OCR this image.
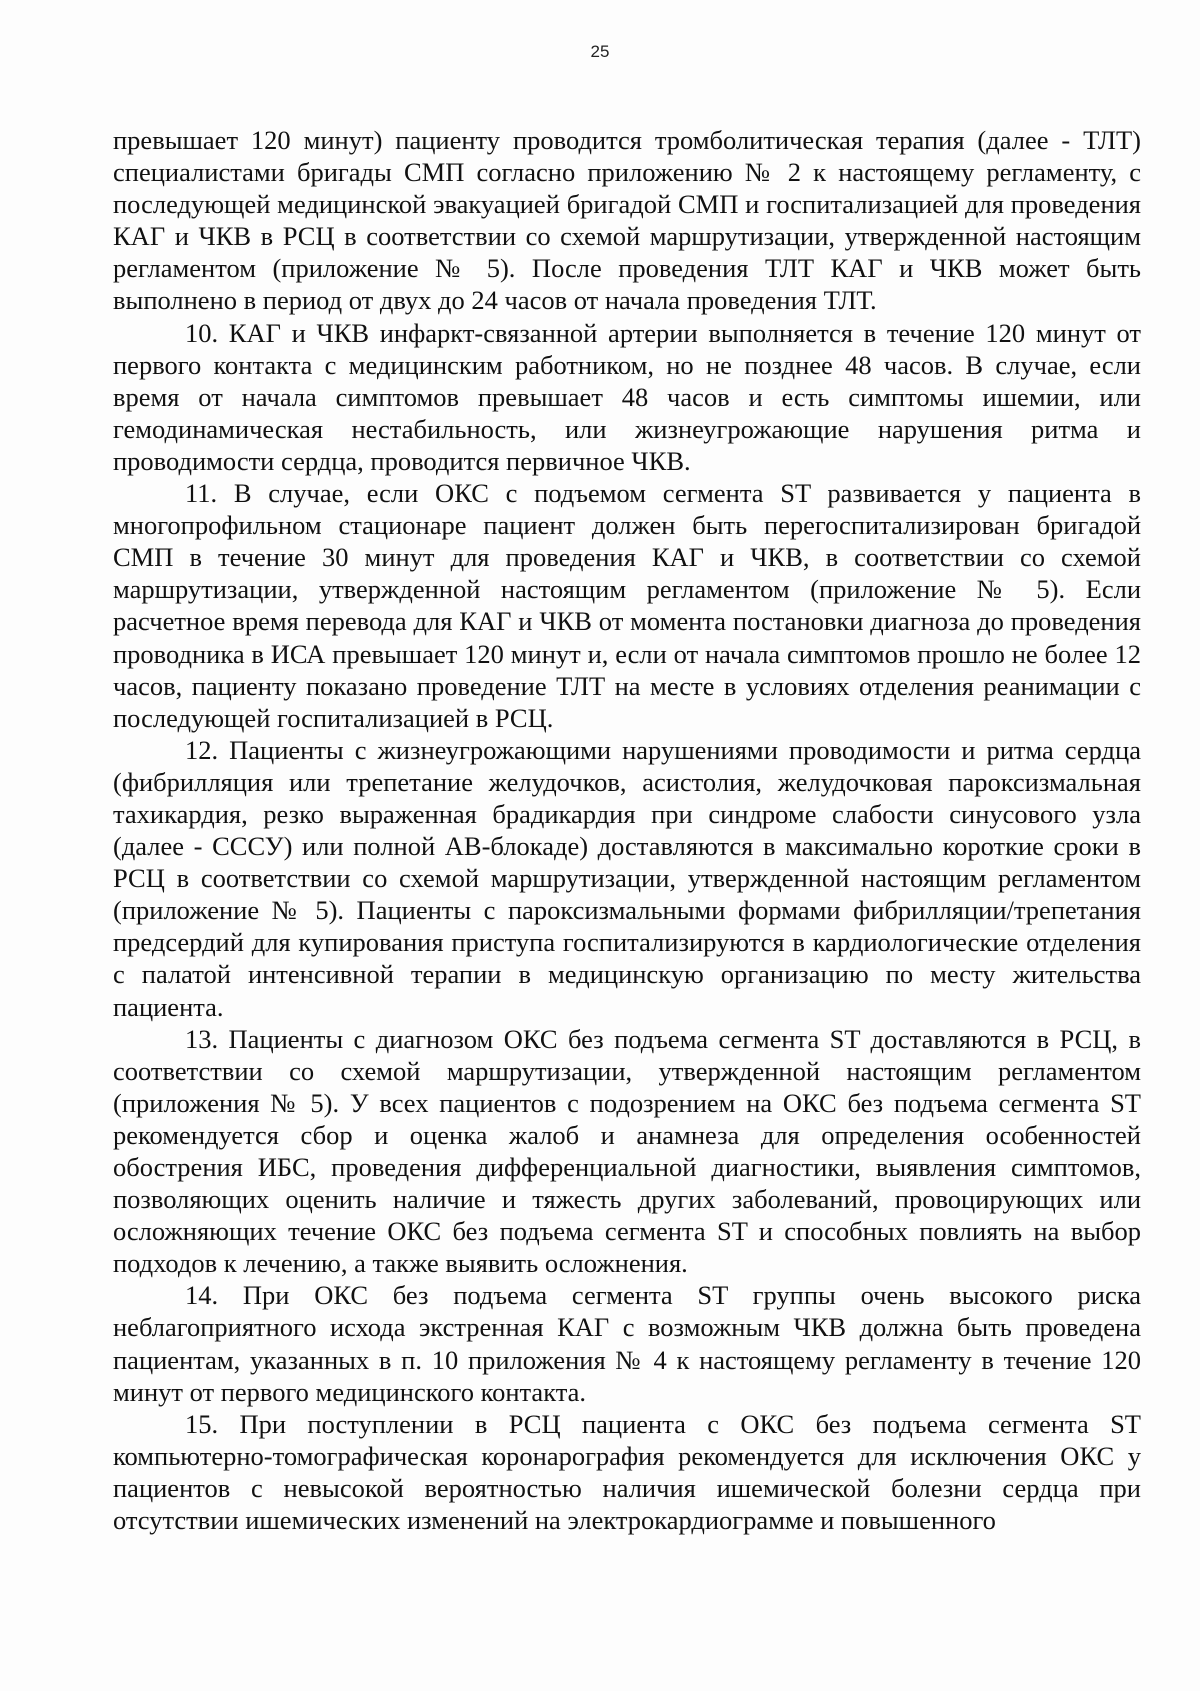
25

превышает 120 минут) пациенту проводится тромболитическая терапия (далее - ТЛТ) специалистами бригады СМП согласно приложению № 2 к настоящему регламенту, с последующей медицинской эвакуацией бригадой СМП и госпитализацией для проведения КАГ и ЧКВ в РСЦ в соответствии со схемой маршрутизации, утвержденной настоящим регламентом (приложение № 5). После проведения ТЛТ КАГ и ЧКВ может быть выполнено в период от двух до 24 часов от начала проведения ТЛТ.

10. КАГ и ЧКВ инфаркт-связанной артерии выполняется в течение 120 минут от первого контакта с медицинским работником, но не позднее 48 часов. В случае, если время от начала симптомов превышает 48 часов и есть симптомы ишемии, или гемодинамическая нестабильность, или жизнеугрожающие нарушения ритма и проводимости сердца, проводится первичное ЧКВ.

11. В случае, если ОКС с подъемом сегмента ST развивается у пациента в многопрофильном стационаре пациент должен быть перегоспитализирован бригадой СМП в течение 30 минут для проведения КАГ и ЧКВ, в соответствии со схемой маршрутизации, утвержденной настоящим регламентом (приложение № 5). Если расчетное время перевода для КАГ и ЧКВ от момента постановки диагноза до проведения проводника в ИСА превышает 120 минут и, если от начала симптомов прошло не более 12 часов, пациенту показано проведение ТЛТ на месте в условиях отделения реанимации с последующей госпитализацией в РСЦ.

12. Пациенты с жизнеугрожающими нарушениями проводимости и ритма сердца (фибрилляция или трепетание желудочков, асистолия, желудочковая пароксизмальная тахикардия, резко выраженная брадикардия при синдроме слабости синусового узла (далее - СССУ) или полной АВ-блокаде) доставляются в максимально короткие сроки в РСЦ в соответствии со схемой маршрутизации, утвержденной настоящим регламентом (приложение № 5). Пациенты с пароксизмальными формами фибрилляции/трепетания предсердий для купирования приступа госпитализируются в кардиологические отделения с палатой интенсивной терапии в медицинскую организацию по месту жительства пациента.

13. Пациенты с диагнозом ОКС без подъема сегмента ST доставляются в РСЦ, в соответствии со схемой маршрутизации, утвержденной настоящим регламентом (приложения № 5). У всех пациентов с подозрением на ОКС без подъема сегмента ST рекомендуется сбор и оценка жалоб и анамнеза для определения особенностей обострения ИБС, проведения дифференциальной диагностики, выявления симптомов, позволяющих оценить наличие и тяжесть других заболеваний, провоцирующих или осложняющих течение ОКС без подъема сегмента ST и способных повлиять на выбор подходов к лечению, а также выявить осложнения.

14. При ОКС без подъема сегмента ST группы очень высокого риска неблагоприятного исхода экстренная КАГ с возможным ЧКВ должна быть проведена пациентам, указанных в п. 10 приложения № 4 к настоящему регламенту в течение 120 минут от первого медицинского контакта.

15. При поступлении в РСЦ пациента с ОКС без подъема сегмента ST компьютерно-томографическая коронарография рекомендуется для исключения ОКС у пациентов с невысокой вероятностью наличия ишемической болезни сердца при отсутствии ишемических изменений на электрокардиограмме и повышенного
